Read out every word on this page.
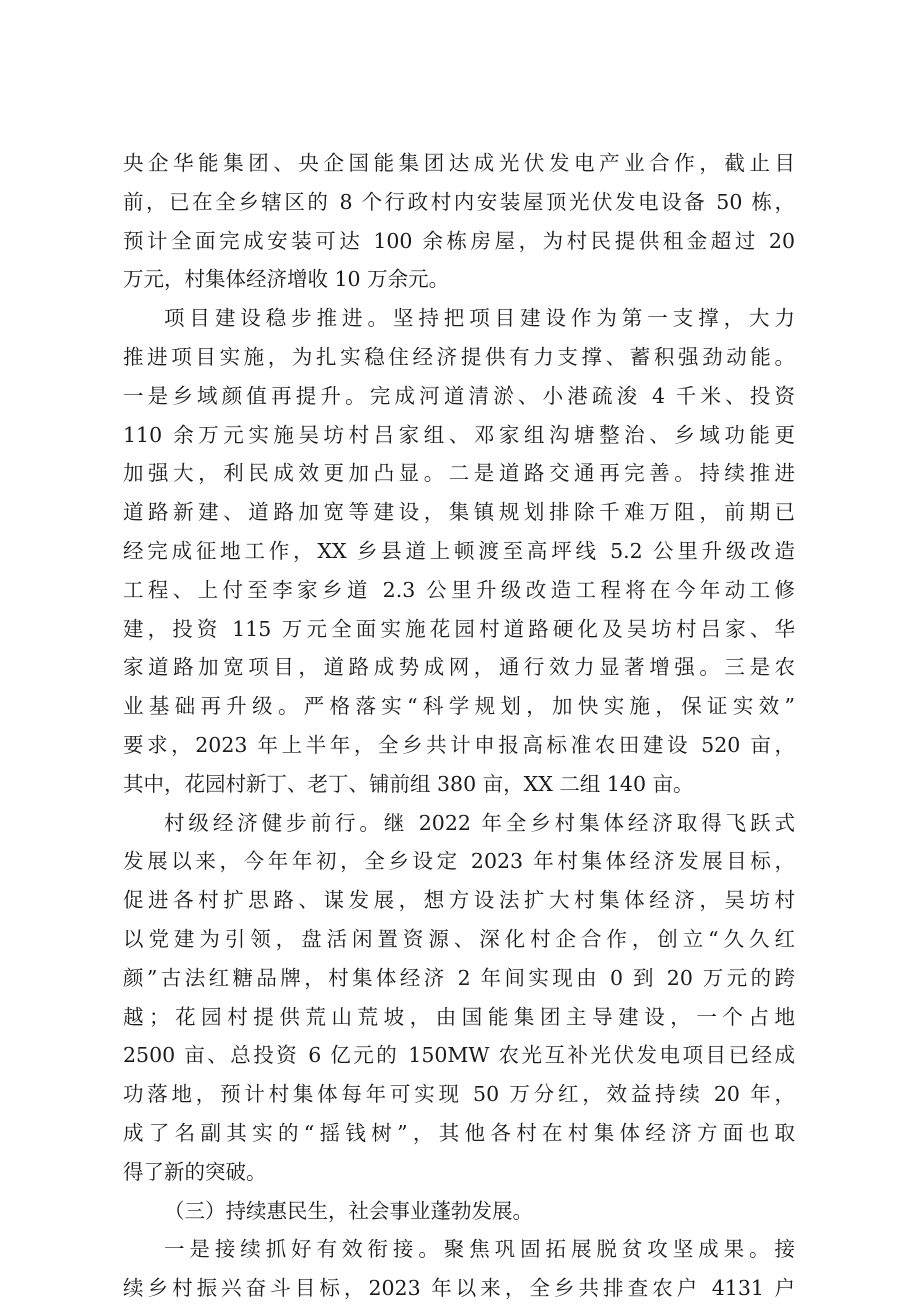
央企华能集团、央企国能集团达成光伏发电产业合作，截止目
前，已在全乡辖区的 8 个行政村内安装屋顶光伏发电设备 50 栋，
预计全面完成安装可达 100 余栋房屋，为村民提供租金超过 20
万元，村集体经济增收 10 万余元。
项目建设稳步推进。坚持把项目建设作为第一支撑，大力
推进项目实施，为扎实稳住经济提供有力支撑、蓄积强劲动能。
一是乡域颜值再提升。完成河道清淤、小港疏浚 4 千米、投资
110 余万元实施吴坊村吕家组、邓家组沟塘整治、乡域功能更
加强大，利民成效更加凸显。二是道路交通再完善。持续推进
道路新建、道路加宽等建设，集镇规划排除千难万阻，前期已
经完成征地工作，XX 乡县道上顿渡至高坪线 5.2 公里升级改造
工程、上付至李家乡道 2.3 公里升级改造工程将在今年动工修
建，投资 115 万元全面实施花园村道路硬化及吴坊村吕家、华
家道路加宽项目，道路成势成网，通行效力显著增强。三是农
业基础再升级。严格落实“科学规划，加快实施，保证实效”
要求，2023 年上半年，全乡共计申报高标准农田建设 520 亩，
其中，花园村新丁、老丁、铺前组 380 亩，XX 二组 140 亩。
村级经济健步前行。继 2022 年全乡村集体经济取得飞跃式
发展以来，今年年初，全乡设定 2023 年村集体经济发展目标，
促进各村扩思路、谋发展，想方设法扩大村集体经济，吴坊村
以党建为引领，盘活闲置资源、深化村企合作，创立“久久红
颜”古法红糖品牌，村集体经济 2 年间实现由 0 到 20 万元的跨
越；花园村提供荒山荒坡，由国能集团主导建设，一个占地
2500 亩、总投资 6 亿元的 150MW 农光互补光伏发电项目已经成
功落地，预计村集体每年可实现 50 万分红，效益持续 20 年，
成了名副其实的“摇钱树”，其他各村在村集体经济方面也取
得了新的突破。
（三）持续惠民生，社会事业蓬勃发展。
一是接续抓好有效衔接。聚焦巩固拓展脱贫攻坚成果。接
续乡村振兴奋斗目标，2023 年以来，全乡共排查农户 4131 户
